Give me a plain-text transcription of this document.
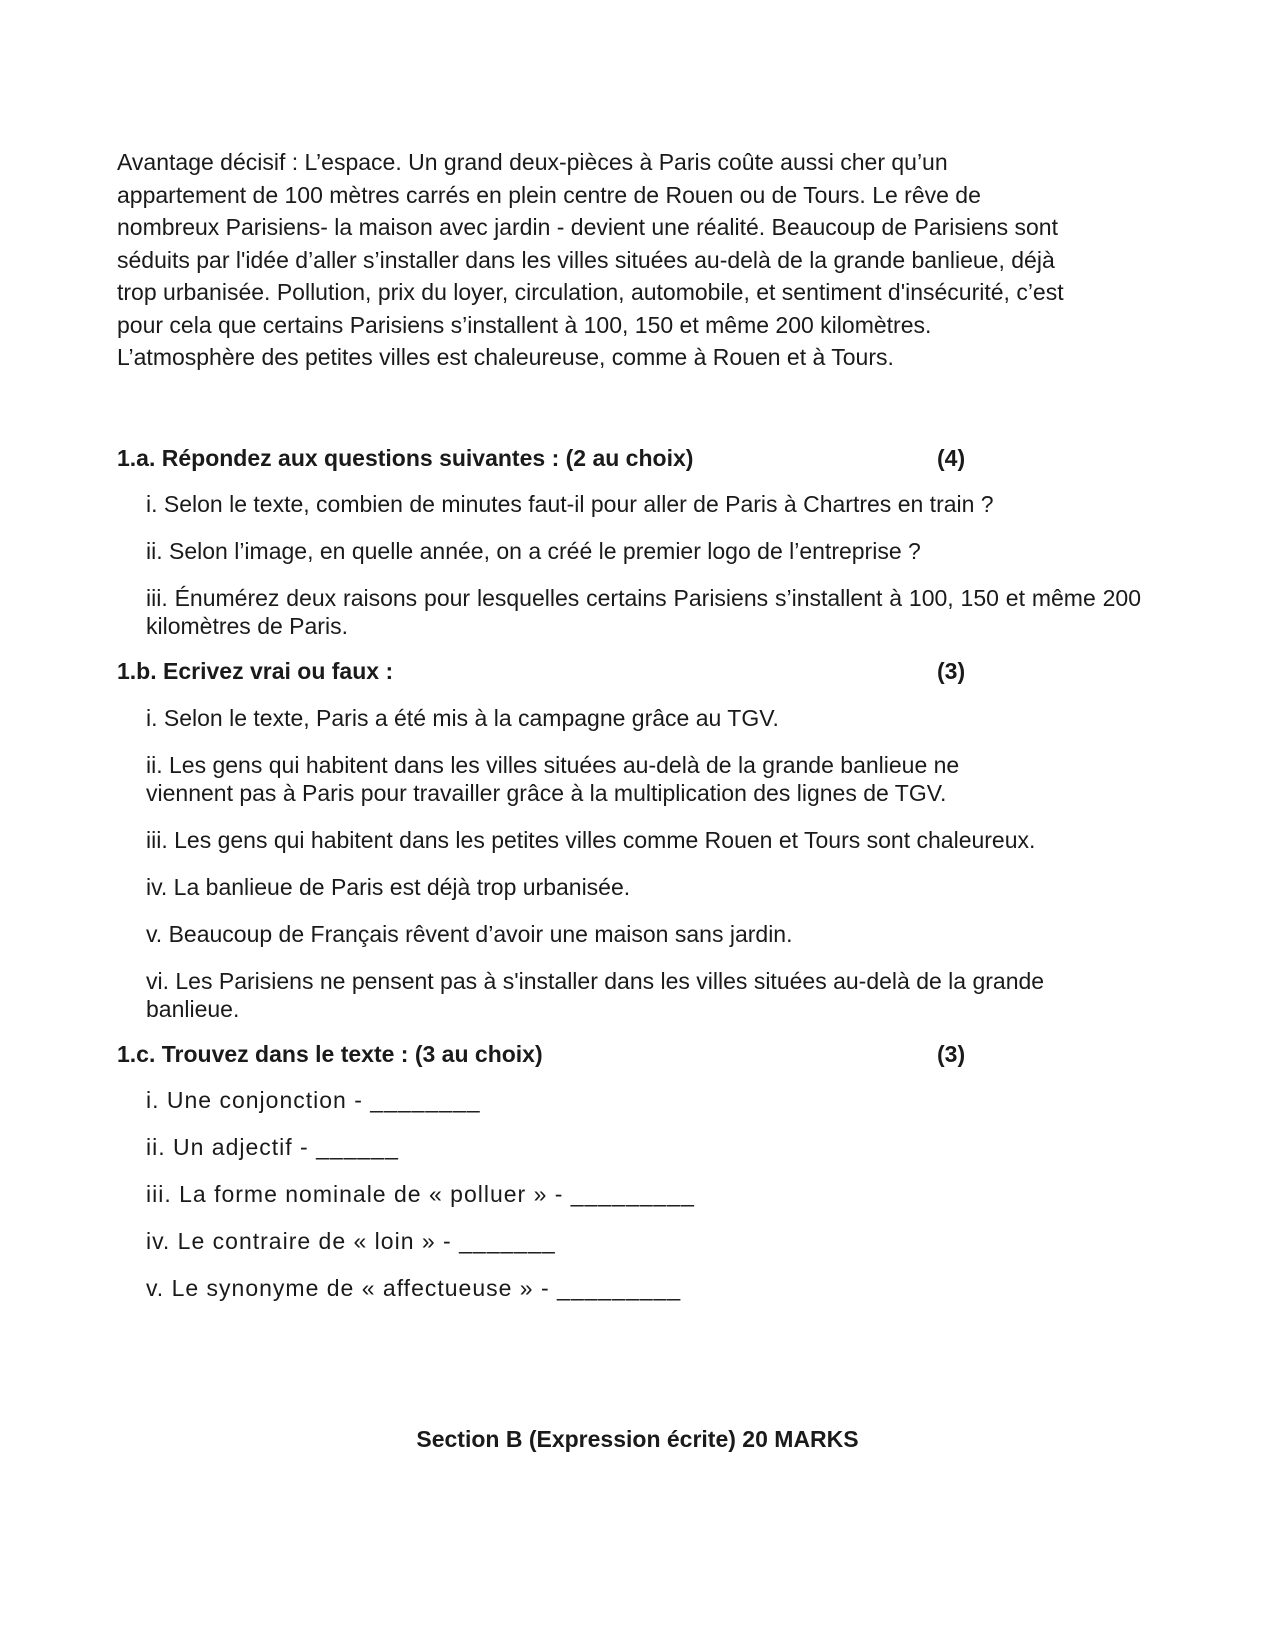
Avantage décisif : L’espace. Un grand deux-pièces à Paris coûte aussi cher qu’un
appartement de 100 mètres carrés en plein centre de Rouen ou de Tours. Le rêve de
nombreux Parisiens- la maison avec jardin - devient une réalité. Beaucoup de Parisiens sont
séduits par l'idée d’aller s’installer dans les villes situées au-delà de la grande banlieue, déjà
trop urbanisée. Pollution, prix du loyer, circulation, automobile, et sentiment d'insécurité, c’est
pour cela que certains Parisiens s’installent à 100, 150 et même 200 kilomètres.
L’atmosphère des petites villes est chaleureuse, comme à Rouen et à Tours.

1.a. Répondez aux questions suivantes : (2 au choix)	(4)

i. Selon le texte, combien de minutes faut-il pour aller de Paris à Chartres en train ?

ii. Selon l’image, en quelle année, on a créé le premier logo de l’entreprise ?

iii. Énumérez deux raisons pour lesquelles certains Parisiens s’installent à 100, 150 et même 200 kilomètres de Paris.

1.b. Ecrivez vrai ou faux :	(3)

i. Selon le texte, Paris a été mis à la campagne grâce au TGV.

ii. Les gens qui habitent dans les villes situées au-delà de la grande banlieue ne viennent pas à Paris pour travailler grâce à la multiplication des lignes de TGV.

iii. Les gens qui habitent dans les petites villes comme Rouen et Tours sont chaleureux.

iv. La banlieue de Paris est déjà trop urbanisée.

v. Beaucoup de Français rêvent d’avoir une maison sans jardin.

vi. Les Parisiens ne pensent pas à s'installer dans les villes situées au-delà de la grande banlieue.

1.c. Trouvez dans le texte : (3 au choix)	(3)

i. Une conjonction - ________

ii. Un adjectif - ______

iii. La forme nominale de « polluer » - _________

iv. Le contraire de « loin » - _______

v. Le synonyme de « affectueuse » - _________

Section B (Expression écrite) 20 MARKS
